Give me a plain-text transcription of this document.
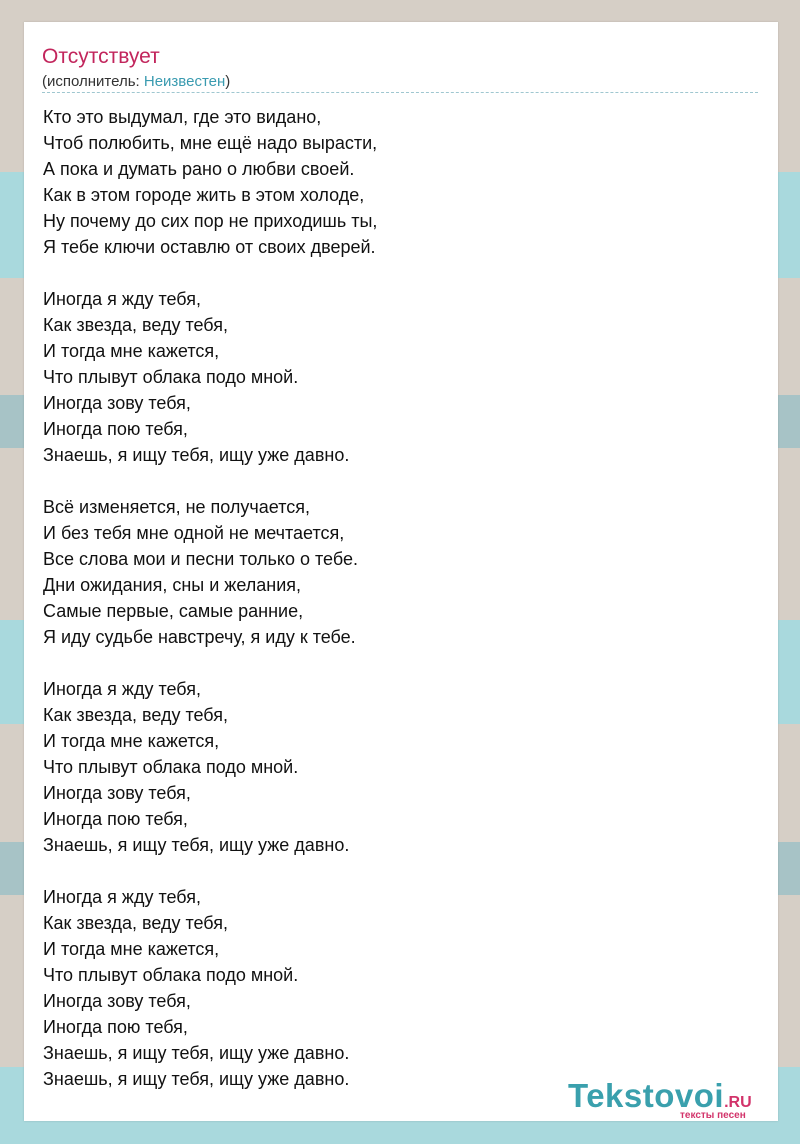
Отсутствует
(исполнитель: Неизвестен)
Кто это выдумал, где это видано,
Чтоб полюбить, мне ещё надо вырасти,
А пока и думать рано о любви своей.
Как в этом городе жить в этом холоде,
Ну почему до сих пор не приходишь ты,
Я тебе ключи оставлю от своих дверей.
Иногда я жду тебя,
Как звезда, веду тебя,
И тогда мне кажется,
Что плывут облака подо мной.
Иногда зову тебя,
Иногда пою тебя,
Знаешь, я ищу тебя, ищу уже давно.
Всё изменяется, не получается,
И без тебя мне одной не мечтается,
Все слова мои и песни только о тебе.
Дни ожидания, сны и желания,
Самые первые, самые ранние,
Я иду судьбе навстречу, я иду к тебе.
Иногда я жду тебя,
Как звезда, веду тебя,
И тогда мне кажется,
Что плывут облака подо мной.
Иногда зову тебя,
Иногда пою тебя,
Знаешь, я ищу тебя, ищу уже давно.
Иногда я жду тебя,
Как звезда, веду тебя,
И тогда мне кажется,
Что плывут облака подо мной.
Иногда зову тебя,
Иногда пою тебя,
Знаешь, я ищу тебя, ищу уже давно.
Знаешь, я ищу тебя, ищу уже давно.	Tekstovoi.RU
тексты песен
